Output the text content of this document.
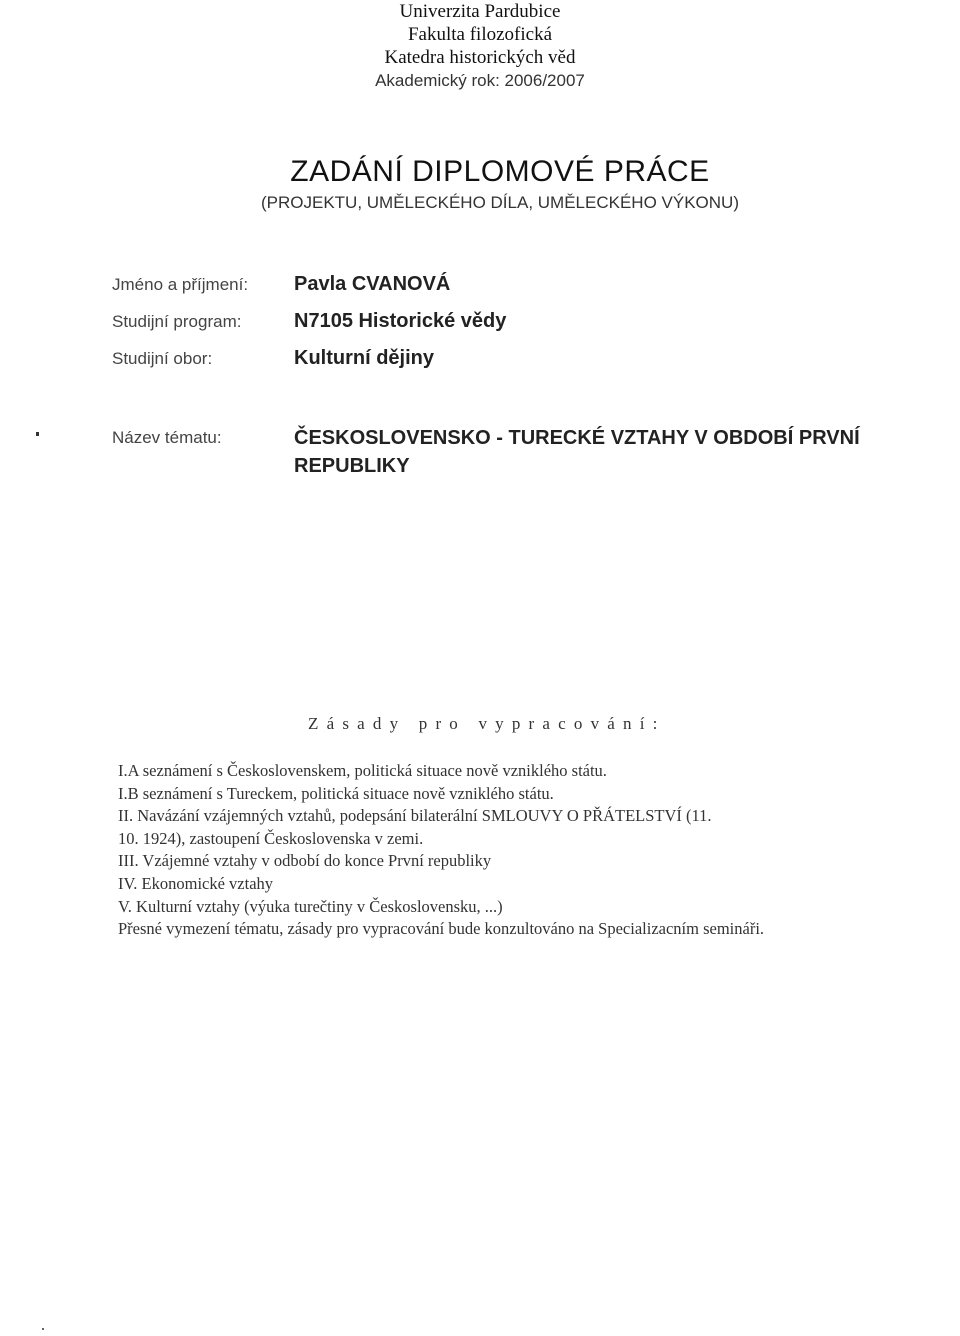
Univerzita Pardubice
Fakulta filozofická
Katedra historických věd
Akademický rok: 2006/2007
ZADÁNÍ DIPLOMOVÉ PRÁCE
(PROJEKTU, UMĚLECKÉHO DÍLA, UMĚLECKÉHO VÝKONU)
Jméno a příjmení: Pavla CVANOVÁ
Studijní program:	N7105 Historické vědy
Studijní obor:	Kulturní dějiny
Název tématu:	ČESKOSLOVENSKO - TURECKÉ VZTAHY V OBDOBÍ PRVNÍ REPUBLIKY
Zásady pro vypracování:
I.A seznámení s Československem, politická situace nově vzniklého státu.
I.B seznámení s Tureckem, politická situace nově vzniklého státu.
II. Navázání vzájemných vztahů, podepsání bilaterální SMLOUVY O PŘÁTELSTVÍ (11.
10. 1924), zastoupení Československa v zemi.
III. Vzájemné vztahy v odbobí do konce První republiky
IV. Ekonomické vztahy
V. Kulturní vztahy (výuka turečtiny v Československu, ...)
Přesné vymezení tématu, zásady pro vypracování bude konzultováno na Specializacním semináři.
